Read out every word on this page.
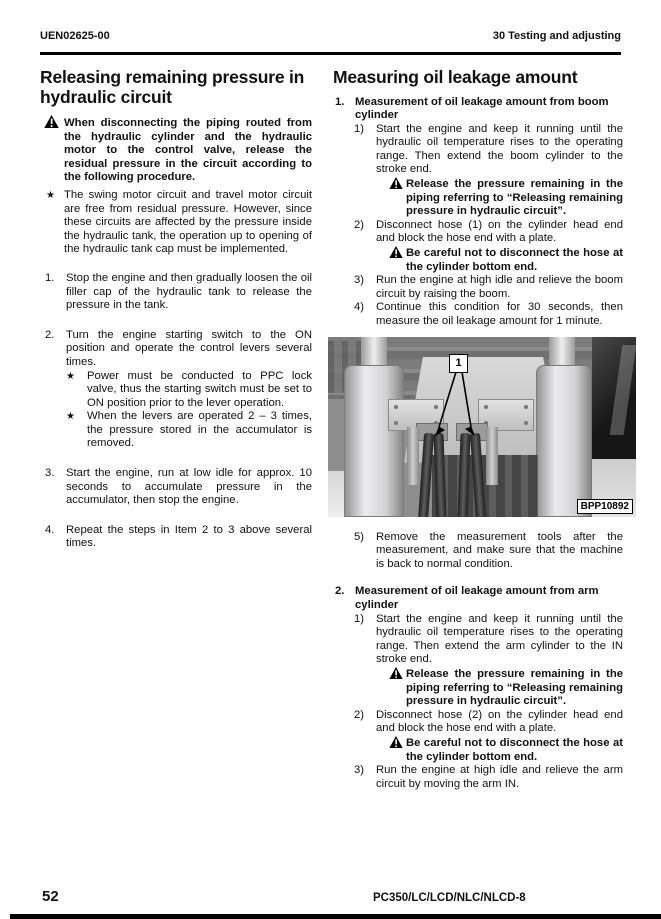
UEN02625-00	30 Testing and adjusting
Releasing remaining pressure in hydraulic circuit
When disconnecting the piping routed from the hydraulic cylinder and the hydraulic motor to the control valve, release the residual pressure in the circuit according to the following procedure.
★ The swing motor circuit and travel motor circuit are free from residual pressure. However, since these circuits are affected by the pressure inside the hydraulic tank, the operation up to opening of the hydraulic tank cap must be implemented.
1. Stop the engine and then gradually loosen the oil filler cap of the hydraulic tank to release the pressure in the tank.
2. Turn the engine starting switch to the ON position and operate the control levers several times.
★ Power must be conducted to PPC lock valve, thus the starting switch must be set to ON position prior to the lever operation.
★ When the levers are operated 2 – 3 times, the pressure stored in the accumulator is removed.
3. Start the engine, run at low idle for approx. 10 seconds to accumulate pressure in the accumulator, then stop the engine.
4. Repeat the steps in Item 2 to 3 above several times.
Measuring oil leakage amount
1. Measurement of oil leakage amount from boom cylinder
1) Start the engine and keep it running until the hydraulic oil temperature rises to the operating range. Then extend the boom cylinder to the stroke end.
Release the pressure remaining in the piping referring to “Releasing remaining pressure in hydraulic circuit”.
2) Disconnect hose (1) on the cylinder head end and block the hose end with a plate.
Be careful not to disconnect the hose at the cylinder bottom end.
3) Run the engine at high idle and relieve the boom circuit by raising the boom.
4) Continue this condition for 30 seconds, then measure the oil leakage amount for 1 minute.
1
BPP10892
5) Remove the measurement tools after the measurement, and make sure that the machine is back to normal condition.
2. Measurement of oil leakage amount from arm cylinder
1) Start the engine and keep it running until the hydraulic oil temperature rises to the operating range. Then extend the arm cylinder to the IN stroke end.
Release the pressure remaining in the piping referring to “Releasing remaining pressure in hydraulic circuit”.
2) Disconnect hose (2) on the cylinder head end and block the hose end with a plate.
Be careful not to disconnect the hose at the cylinder bottom end.
3) Run the engine at high idle and relieve the arm circuit by moving the arm IN.
52	PC350/LC/LCD/NLC/NLCD-8
